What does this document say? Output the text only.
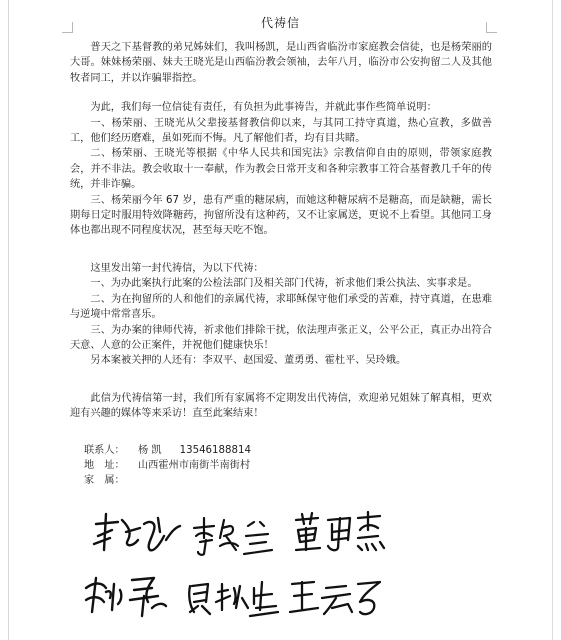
代祷信

普天之下基督教的弟兄姊妹们，我叫杨凯，是山西省临汾市家庭教会信徒，也是杨荣丽的大哥。妹妹杨荣丽、妹夫王晓光是山西临汾教会领袖，去年八月，临汾市公安拘留二人及其他牧者同工，并以诈骗罪指控。

为此，我们每一位信徒有责任，有负担为此事祷告，并就此事作些简单说明：

一、杨荣丽、王晓光从父辈接基督教信仰以来，与其同工持守真道，热心宣教，多做善工，他们经历磨难，虽如死而不悔。凡了解他们者，均有目共睹。

二、杨荣丽、王晓光等根据《中华人民共和国宪法》宗教信仰自由的原则，带领家庭教会，并不非法。教会收取十一奉献，作为教会日常开支和各种宗教事工符合基督教几千年的传统，并非诈骗。

三、杨荣丽今年 67 岁，患有严重的糖尿病，而她这种糖尿病不是糖高，而是缺糖，需长期每日定时服用特效降糖药，拘留所没有这种药，又不让家属送，更说不上看望。其他同工身体也都出现不同程度状况，甚至每天吃不饱。

这里发出第一封代祷信，为以下代祷：

一、为办此案执行此案的公检法部门及相关部门代祷，祈求他们秉公执法、实事求是。

二、为在拘留所的人和他们的亲属代祷，求耶稣保守他们承受的苦难，持守真道，在患难与逆境中常常喜乐。

三、为办案的律师代祷，祈求他们排除干扰，依法理声张正义，公平公正，真正办出符合天意、人意的公正案件，并祝他们健康快乐！

另本案被关押的人还有：李双平、赵国爱、董勇勇、霍杜平、吴玲娥。

此信为代祷信第一封，我们所有家属将不定期发出代祷信，欢迎弟兄姐妹了解真相，更欢迎有兴趣的媒体等来采访！直至此案结束！

联系人： 杨 凯 13546188814
地　址： 山西霍州市南街半南街村
家　属：
